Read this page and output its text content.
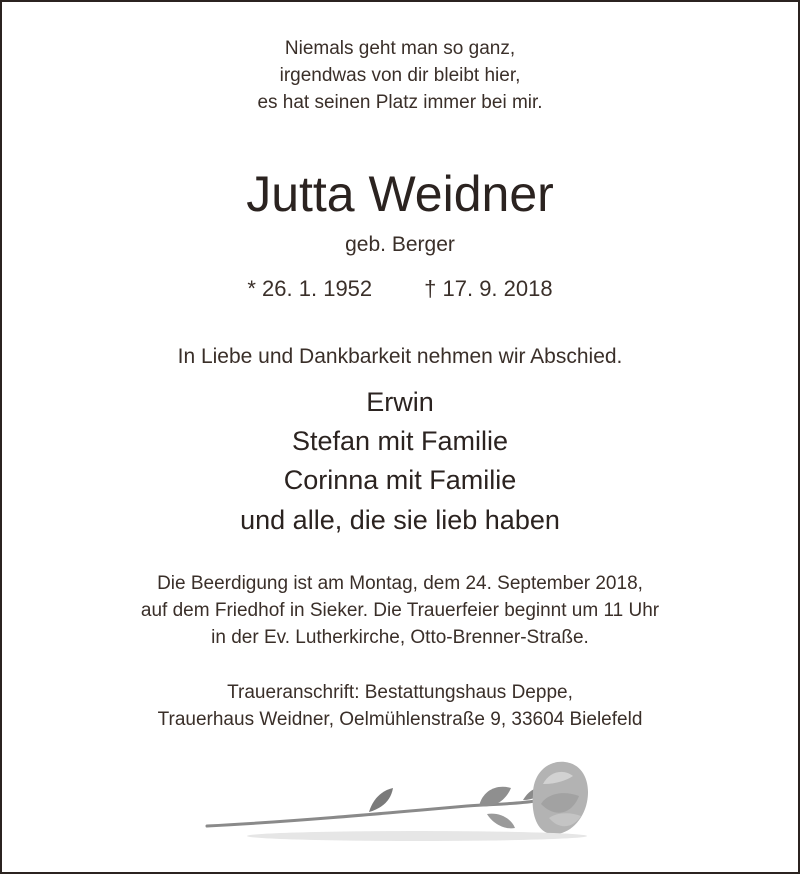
Niemals geht man so ganz,
irgendwas von dir bleibt hier,
es hat seinen Platz immer bei mir.
Jutta Weidner
geb. Berger
* 26. 1. 1952 † 17. 9. 2018
In Liebe und Dankbarkeit nehmen wir Abschied.
Erwin
Stefan mit Familie
Corinna mit Familie
und alle, die sie lieb haben
Die Beerdigung ist am Montag, dem 24. September 2018,
auf dem Friedhof in Sieker. Die Trauerfeier beginnt um 11 Uhr
in der Ev. Lutherkirche, Otto-Brenner-Straße.
Traueranschrift: Bestattungshaus Deppe,
Trauerhaus Weidner, Oelmühlenstraße 9, 33604 Bielefeld
